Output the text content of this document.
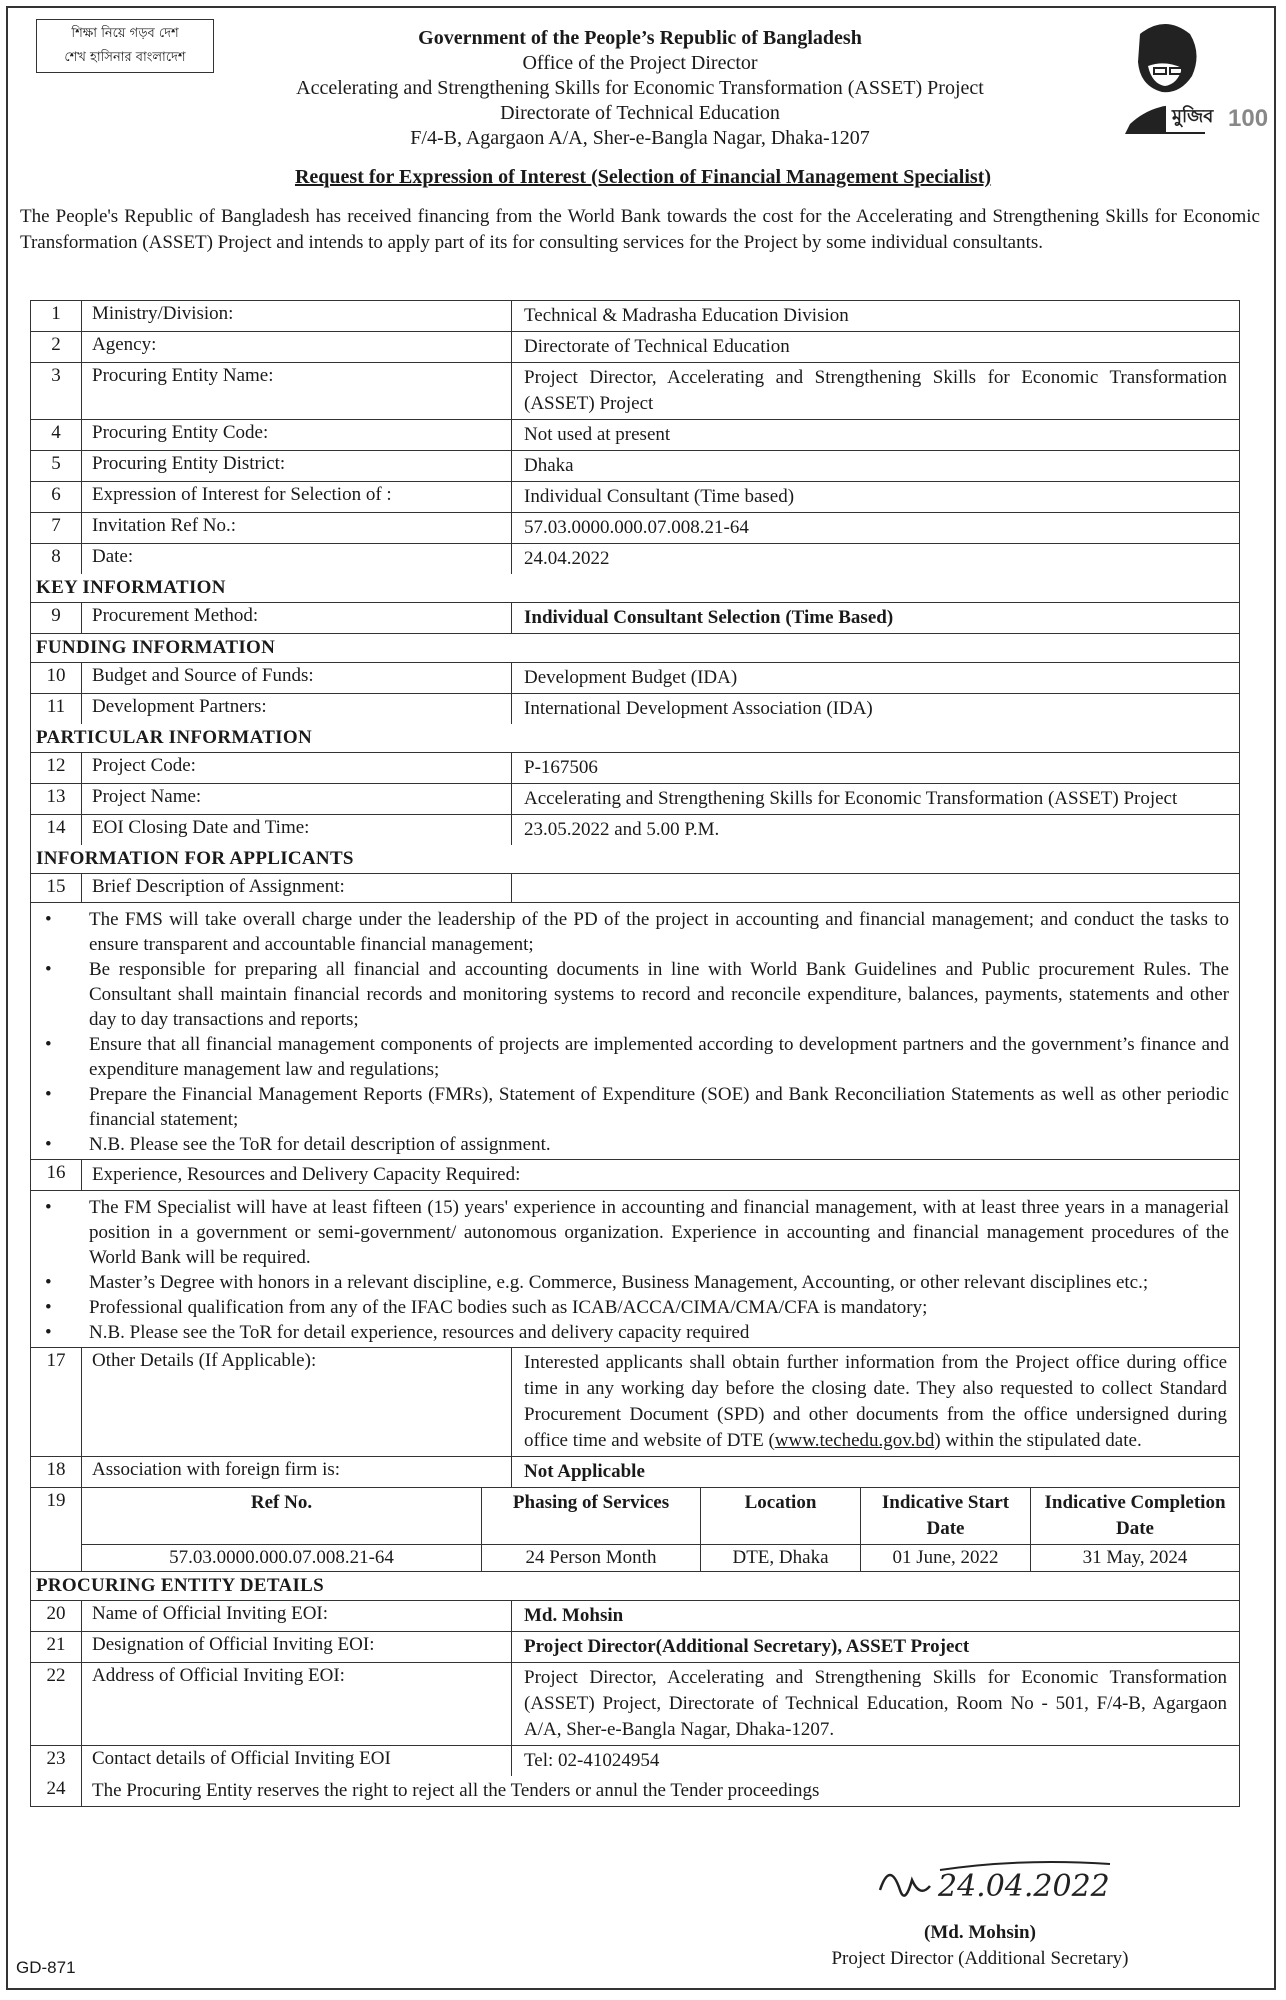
শিক্ষা নিয়ে গড়ব দেশ
শেখ হাসিনার বাংলাদেশ
Government of the People’s Republic of Bangladesh
Office of the Project Director
Accelerating and Strengthening Skills for Economic Transformation (ASSET) Project
Directorate of Technical Education
F/4-B, Agargaon A/A, Sher-e-Bangla Nagar, Dhaka-1207
মুজিব 100
Request for Expression of Interest (Selection of Financial Management Specialist)
The People's Republic of Bangladesh has received financing from the World Bank towards the cost for the Accelerating and Strengthening Skills for Economic Transformation (ASSET) Project and intends to apply part of its for consulting services for the Project by some individual consultants.
1	Ministry/Division:	Technical & Madrasha Education Division
2	Agency:	Directorate of Technical Education
3	Procuring Entity Name:	Project Director, Accelerating and Strengthening Skills for Economic Transformation (ASSET) Project
4	Procuring Entity Code:	Not used at present
5	Procuring Entity District:	Dhaka
6	Expression of Interest for Selection of :	Individual Consultant (Time based)
7	Invitation Ref No.:	57.03.0000.000.07.008.21-64
8	Date:	24.04.2022
KEY INFORMATION
9	Procurement Method:	Individual Consultant Selection (Time Based)
FUNDING INFORMATION
10	Budget and Source of Funds:	Development Budget (IDA)
11	Development Partners:	International Development Association (IDA)
PARTICULAR INFORMATION
12	Project Code:	P-167506
13	Project Name:	Accelerating and Strengthening Skills for Economic Transformation (ASSET) Project
14	EOI Closing Date and Time:	23.05.2022 and 5.00 P.M.
INFORMATION FOR APPLICANTS
15	Brief Description of Assignment:
•	The FMS will take overall charge under the leadership of the PD of the project in accounting and financial management; and conduct the tasks to ensure transparent and accountable financial management;
•	Be responsible for preparing all financial and accounting documents in line with World Bank Guidelines and Public procurement Rules. The Consultant shall maintain financial records and monitoring systems to record and reconcile expenditure, balances, payments, statements and other day to day transactions and reports;
•	Ensure that all financial management components of projects are implemented according to development partners and the government’s finance and expenditure management law and regulations;
•	Prepare the Financial Management Reports (FMRs), Statement of Expenditure (SOE) and Bank Reconciliation Statements as well as other periodic financial statement;
•	N.B. Please see the ToR for detail description of assignment.
16	Experience, Resources and Delivery Capacity Required:
•	The FM Specialist will have at least fifteen (15) years' experience in accounting and financial management, with at least three years in a managerial position in a government or semi-government/ autonomous organization. Experience in accounting and financial management procedures of the World Bank will be required.
•	Master’s Degree with honors in a relevant discipline, e.g. Commerce, Business Management, Accounting, or other relevant disciplines etc.;
•	Professional qualification from any of the IFAC bodies such as ICAB/ACCA/CIMA/CMA/CFA is mandatory;
•	N.B. Please see the ToR for detail experience, resources and delivery capacity required
17	Other Details (If Applicable):	Interested applicants shall obtain further information from the Project office during office time in any working day before the closing date. They also requested to collect Standard Procurement Document (SPD) and other documents from the office undersigned during office time and website of DTE (www.techedu.gov.bd) within the stipulated date.
18	Association with foreign firm is:	Not Applicable
19	Ref No.	Phasing of Services	Location	Indicative Start Date
Indicative Completion Date
57.03.0000.000.07.008.21-64	24 Person Month	DTE, Dhaka	01 June, 2022	31 May, 2024
PROCURING ENTITY DETAILS
20	Name of Official Inviting EOI:	Md. Mohsin
21	Designation of Official Inviting EOI:	Project Director(Additional Secretary), ASSET Project
22	Address of Official Inviting EOI:	Project Director, Accelerating and Strengthening Skills for Economic Transformation (ASSET) Project, Directorate of Technical Education, Room No - 501, F/4-B, Agargaon A/A, Sher-e-Bangla Nagar, Dhaka-1207.
23	Contact details of Official Inviting EOI	Tel: 02-41024954
24	The Procuring Entity reserves the right to reject all the Tenders or annul the Tender proceedings
24.04.2022
(Md. Mohsin)
Project Director (Additional Secretary)
GD-871
